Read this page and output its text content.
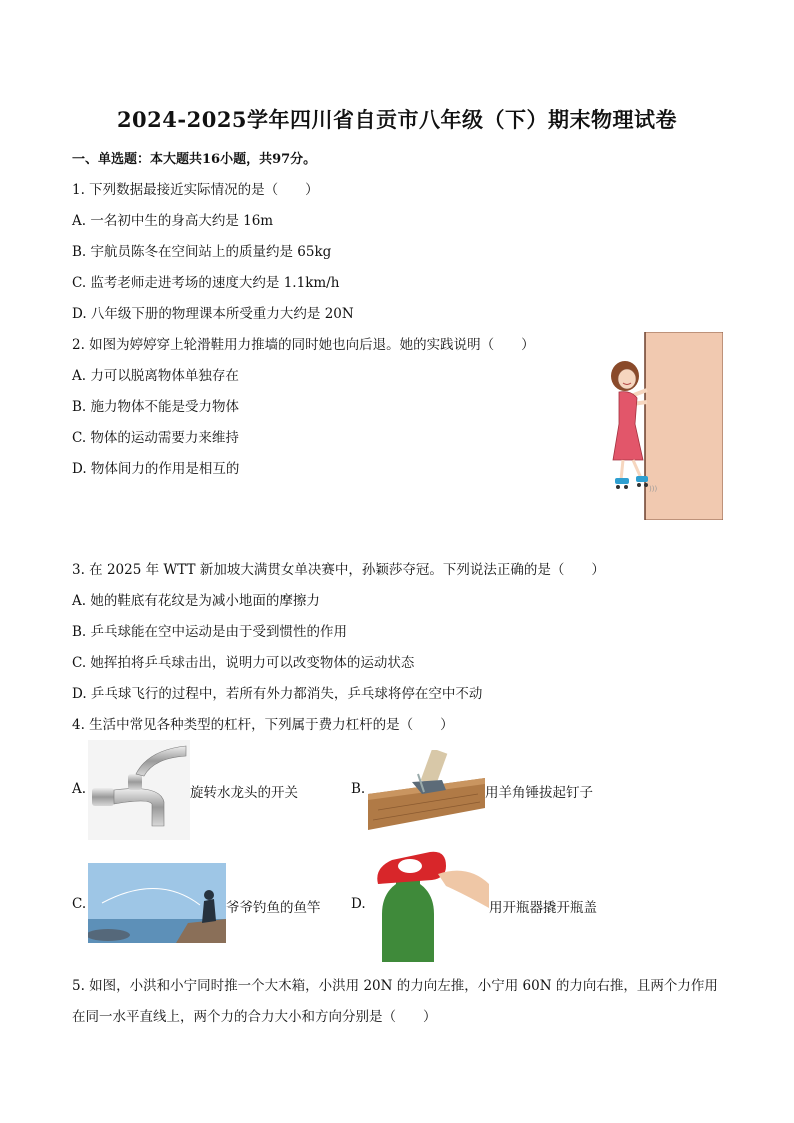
2024-2025学年四川省自贡市八年级（下）期末物理试卷
一、单选题：本大题共16小题，共97分。
1. 下列数据最接近实际情况的是（　　）
A. 一名初中生的身高大约是 16m
B. 宇航员陈冬在空间站上的质量约是 65kg
C. 监考老师走进考场的速度大约是 1.1km/h
D. 八年级下册的物理课本所受重力大约是 20N
2. 如图为婷婷穿上轮滑鞋用力推墙的同时她也向后退。她的实践说明（　　）
A. 力可以脱离物体单独存在
B. 施力物体不能是受力物体
C. 物体的运动需要力来维持
D. 物体间力的作用是相互的
)))
3. 在 2025 年 WTT 新加坡大满贯女单决赛中，孙颖莎夺冠。下列说法正确的是（　　）
A. 她的鞋底有花纹是为减小地面的摩擦力
B. 乒乓球能在空中运动是由于受到惯性的作用
C. 她挥拍将乒乓球击出，说明力可以改变物体的运动状态
D. 乒乓球飞行的过程中，若所有外力都消失，乒乓球将停在空中不动
4. 生活中常见各种类型的杠杆，下列属于费力杠杆的是（　　）
A.	旋转水龙头的开关	B.	用羊角锤拔起钉子
C.	爷爷钓鱼的鱼竿 D.	用开瓶器撬开瓶盖
5. 如图，小洪和小宁同时推一个大木箱，小洪用 20N 的力向左推，小宁用 60N 的力向右推，且两个力作用
在同一水平直线上，两个力的合力大小和方向分别是（　　）
